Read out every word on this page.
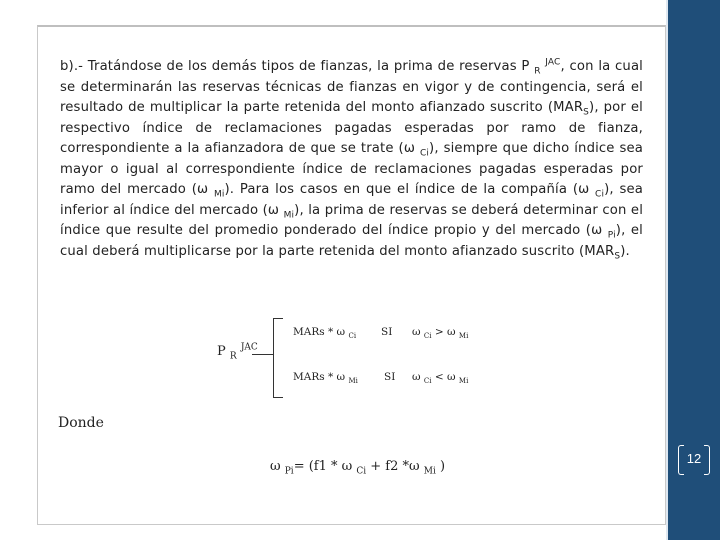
b).- Tratándose de los demás tipos de fianzas, la prima de reservas P $_R$ $^{JAC}$, con la cual se determinarán las reservas técnicas de fianzas en vigor y de contingencia, será el resultado de multiplicar la parte retenida del monto afianzado suscrito $(MAR_S)$, por el respectivo índice de reclamaciones pagadas esperadas por ramo de fianza, correspondiente a la afianzadora de que se trate (ω $_{Ci}$), siempre que dicho índice sea mayor o igual al correspondiente índice de reclamaciones pagadas esperadas por ramo del mercado (ω $_{Mi}$). Para los casos en que el índice de la compañía (ω $_{Ci}$), sea inferior al índice del mercado (ω $_{Mi}$), la prima de reservas se deberá determinar con el índice que resulte del promedio ponderado del índice propio y del mercado (ω $_{Pi}$), el cual deberá multiplicarse por la parte retenida del monto afianzado suscrito $(MAR_S)$.

P $_R$ $^{JAC}$
MARs * ω $_{Ci}$ SI ω $_{Ci}$ > ω $_{Mi}$
MARs * ω $_{Mi}$ SI ω $_{Ci}$ < ω $_{Mi}$
Donde
ω $_{Pi}$= (f1 * ω $_{Ci}$ + f2 *ω $_{Mi}$ )
12
